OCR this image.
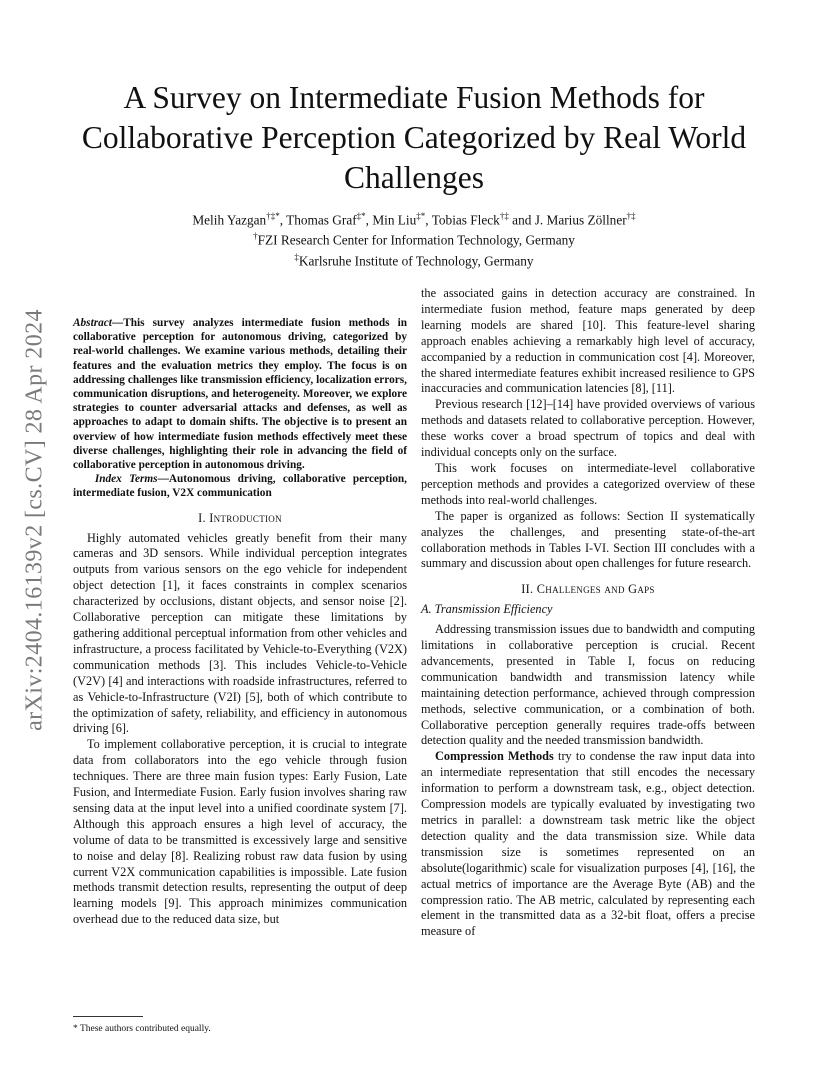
arXiv:2404.16139v2 [cs.CV] 28 Apr 2024
A Survey on Intermediate Fusion Methods for Collaborative Perception Categorized by Real World Challenges
Melih Yazgan†‡*, Thomas Graf‡*, Min Liu‡*, Tobias Fleck†‡ and J. Marius Zöllner†‡
†FZI Research Center for Information Technology, Germany
‡Karlsruhe Institute of Technology, Germany

Abstract—This survey analyzes intermediate fusion methods in collaborative perception for autonomous driving, categorized by real-world challenges. We examine various methods, detailing their features and the evaluation metrics they employ. The focus is on addressing challenges like transmission efficiency, localization errors, communication disruptions, and heterogeneity. Moreover, we explore strategies to counter adversarial attacks and defenses, as well as approaches to adapt to domain shifts. The objective is to present an overview of how intermediate fusion methods effectively meet these diverse challenges, highlighting their role in advancing the field of collaborative perception in autonomous driving.

Index Terms—Autonomous driving, collaborative perception, intermediate fusion, V2X communication

I. Introduction

Highly automated vehicles greatly benefit from their many cameras and 3D sensors. While individual perception integrates outputs from various sensors on the ego vehicle for independent object detection [1], it faces constraints in complex scenarios characterized by occlusions, distant objects, and sensor noise [2]. Collaborative perception can mitigate these limitations by gathering additional perceptual information from other vehicles and infrastructure, a process facilitated by Vehicle-to-Everything (V2X) communication methods [3]. This includes Vehicle-to-Vehicle (V2V) [4] and interactions with roadside infrastructures, referred to as Vehicle-to-Infrastructure (V2I) [5], both of which contribute to the optimization of safety, reliability, and efficiency in autonomous driving [6].

To implement collaborative perception, it is crucial to integrate data from collaborators into the ego vehicle through fusion techniques. There are three main fusion types: Early Fusion, Late Fusion, and Intermediate Fusion. Early fusion involves sharing raw sensing data at the input level into a unified coordinate system [7]. Although this approach ensures a high level of accuracy, the volume of data to be transmitted is excessively large and sensitive to noise and delay [8]. Realizing robust raw data fusion by using current V2X communication capabilities is impossible. Late fusion methods transmit detection results, representing the output of deep learning models [9]. This approach minimizes communication overhead due to the reduced data size, but

the associated gains in detection accuracy are constrained. In intermediate fusion method, feature maps generated by deep learning models are shared [10]. This feature-level sharing approach enables achieving a remarkably high level of accuracy, accompanied by a reduction in communication cost [4]. Moreover, the shared intermediate features exhibit increased resilience to GPS inaccuracies and communication latencies [8], [11].

Previous research [12]–[14] have provided overviews of various methods and datasets related to collaborative perception. However, these works cover a broad spectrum of topics and deal with individual concepts only on the surface.

This work focuses on intermediate-level collaborative perception methods and provides a categorized overview of these methods into real-world challenges.

The paper is organized as follows: Section II systematically analyzes the challenges, and presenting state-of-the-art collaboration methods in Tables I-VI. Section III concludes with a summary and discussion about open challenges for future research.

II. Challenges and Gaps
A. Transmission Efficiency

Addressing transmission issues due to bandwidth and computing limitations in collaborative perception is crucial. Recent advancements, presented in Table I, focus on reducing communication bandwidth and transmission latency while maintaining detection performance, achieved through compression methods, selective communication, or a combination of both. Collaborative perception generally requires trade-offs between detection quality and the needed transmission bandwidth.

Compression Methods try to condense the raw input data into an intermediate representation that still encodes the necessary information to perform a downstream task, e.g., object detection. Compression models are typically evaluated by investigating two metrics in parallel: a downstream task metric like the object detection quality and the data transmission size. While data transmission size is sometimes represented on an absolute(logarithmic) scale for visualization purposes [4], [16], the actual metrics of importance are the Average Byte (AB) and the compression ratio. The AB metric, calculated by representing each element in the transmitted data as a 32-bit float, offers a precise measure of

* These authors contributed equally.
